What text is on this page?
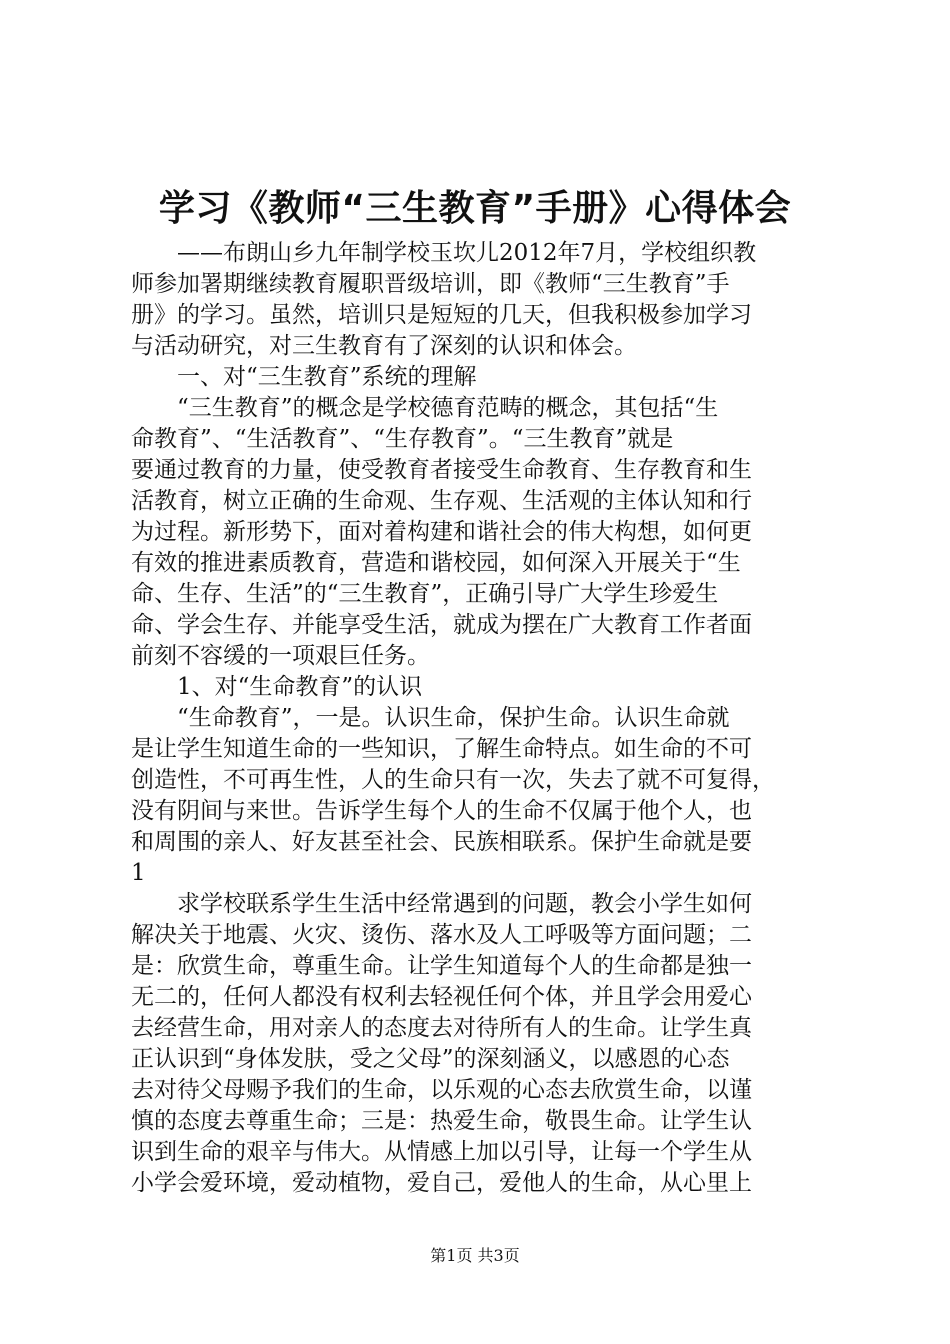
学习《教师“三生教育”手册》心得体会
　　——布朗山乡九年制学校玉坎儿2012年7月，学校组织教
师参加署期继续教育履职晋级培训，即《教师“三生教育”手
册》的学习。虽然，培训只是短短的几天，但我积极参加学习
与活动研究，对三生教育有了深刻的认识和体会。
　　一、对“三生教育”系统的理解
　　“三生教育”的概念是学校德育范畴的概念，其包括“生
命教育”、“生活教育”、“生存教育”。“三生教育”就是
要通过教育的力量，使受教育者接受生命教育、生存教育和生
活教育，树立正确的生命观、生存观、生活观的主体认知和行
为过程。新形势下，面对着构建和谐社会的伟大构想，如何更
有效的推进素质教育，营造和谐校园，如何深入开展关于“生
命、生存、生活”的“三生教育”，正确引导广大学生珍爱生
命、学会生存、并能享受生活，就成为摆在广大教育工作者面
前刻不容缓的一项艰巨任务。
　　1、对“生命教育”的认识
　　“生命教育”，一是。认识生命，保护生命。认识生命就
是让学生知道生命的一些知识，了解生命特点。如生命的不可
创造性，不可再生性，人的生命只有一次，失去了就不可复得，
没有阴间与来世。告诉学生每个人的生命不仅属于他个人，也
和周围的亲人、好友甚至社会、民族相联系。保护生命就是要
1
　　求学校联系学生生活中经常遇到的问题，教会小学生如何
解决关于地震、火灾、烫伤、落水及人工呼吸等方面问题；二
是：欣赏生命，尊重生命。让学生知道每个人的生命都是独一
无二的，任何人都没有权利去轻视任何个体，并且学会用爱心
去经营生命，用对亲人的态度去对待所有人的生命。让学生真
正认识到“身体发肤，受之父母”的深刻涵义，以感恩的心态
去对待父母赐予我们的生命，以乐观的心态去欣赏生命，以谨
慎的态度去尊重生命；三是：热爱生命，敬畏生命。让学生认
识到生命的艰辛与伟大。从情感上加以引导，让每一个学生从
小学会爱环境，爱动植物，爱自己，爱他人的生命，从心里上
第1页 共3页
